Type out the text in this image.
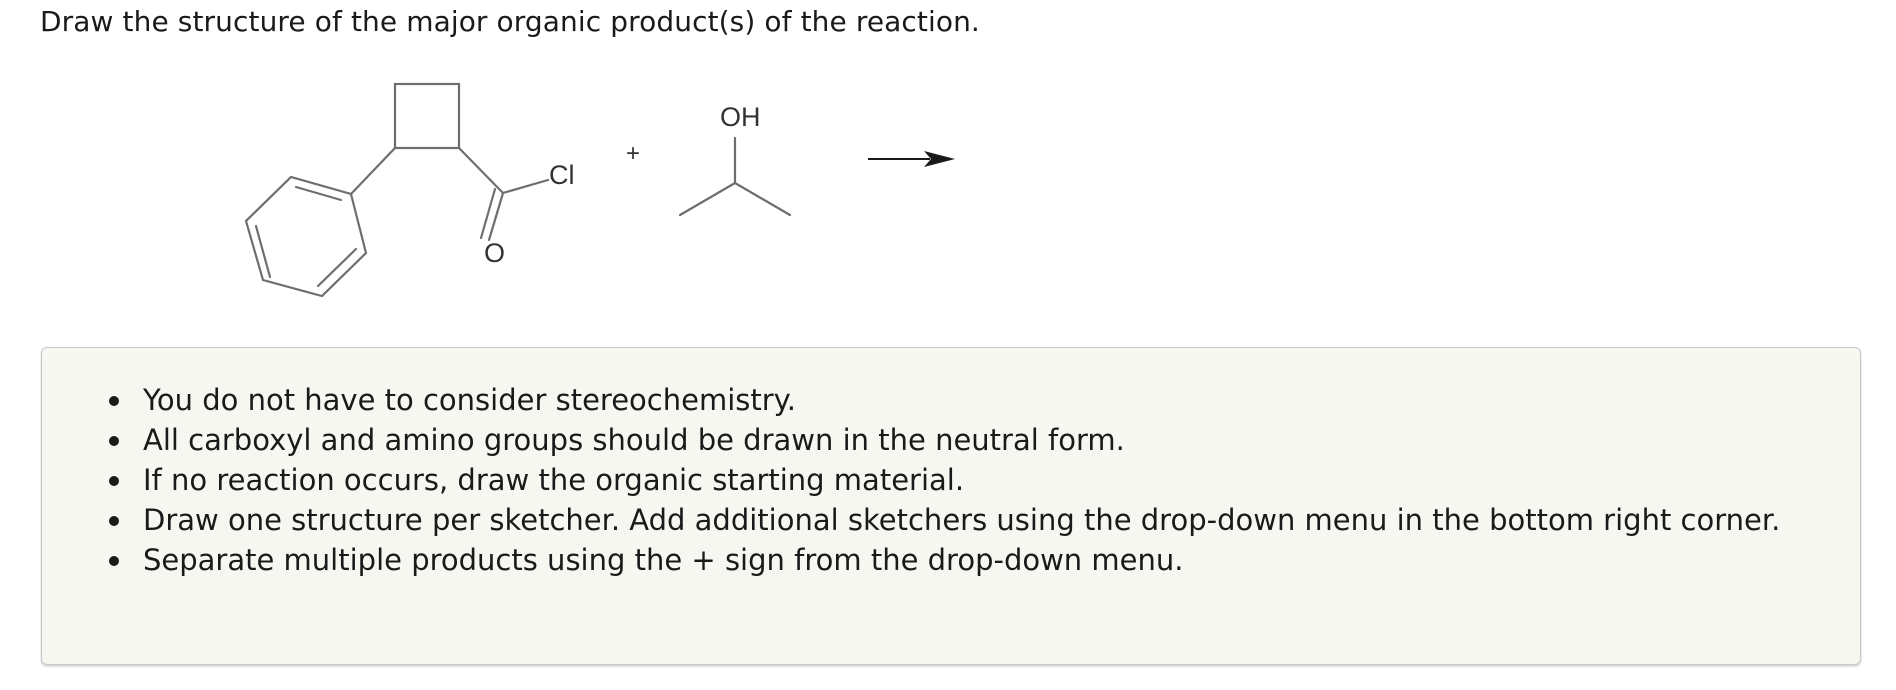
Draw the structure of the major organic product(s) of the reaction.
Cl
O
+
OH
You do not have to consider stereochemistry.
All carboxyl and amino groups should be drawn in the neutral form.
If no reaction occurs, draw the organic starting material.
Draw one structure per sketcher. Add additional sketchers using the drop-down menu in the bottom right corner.
Separate multiple products using the + sign from the drop-down menu.
